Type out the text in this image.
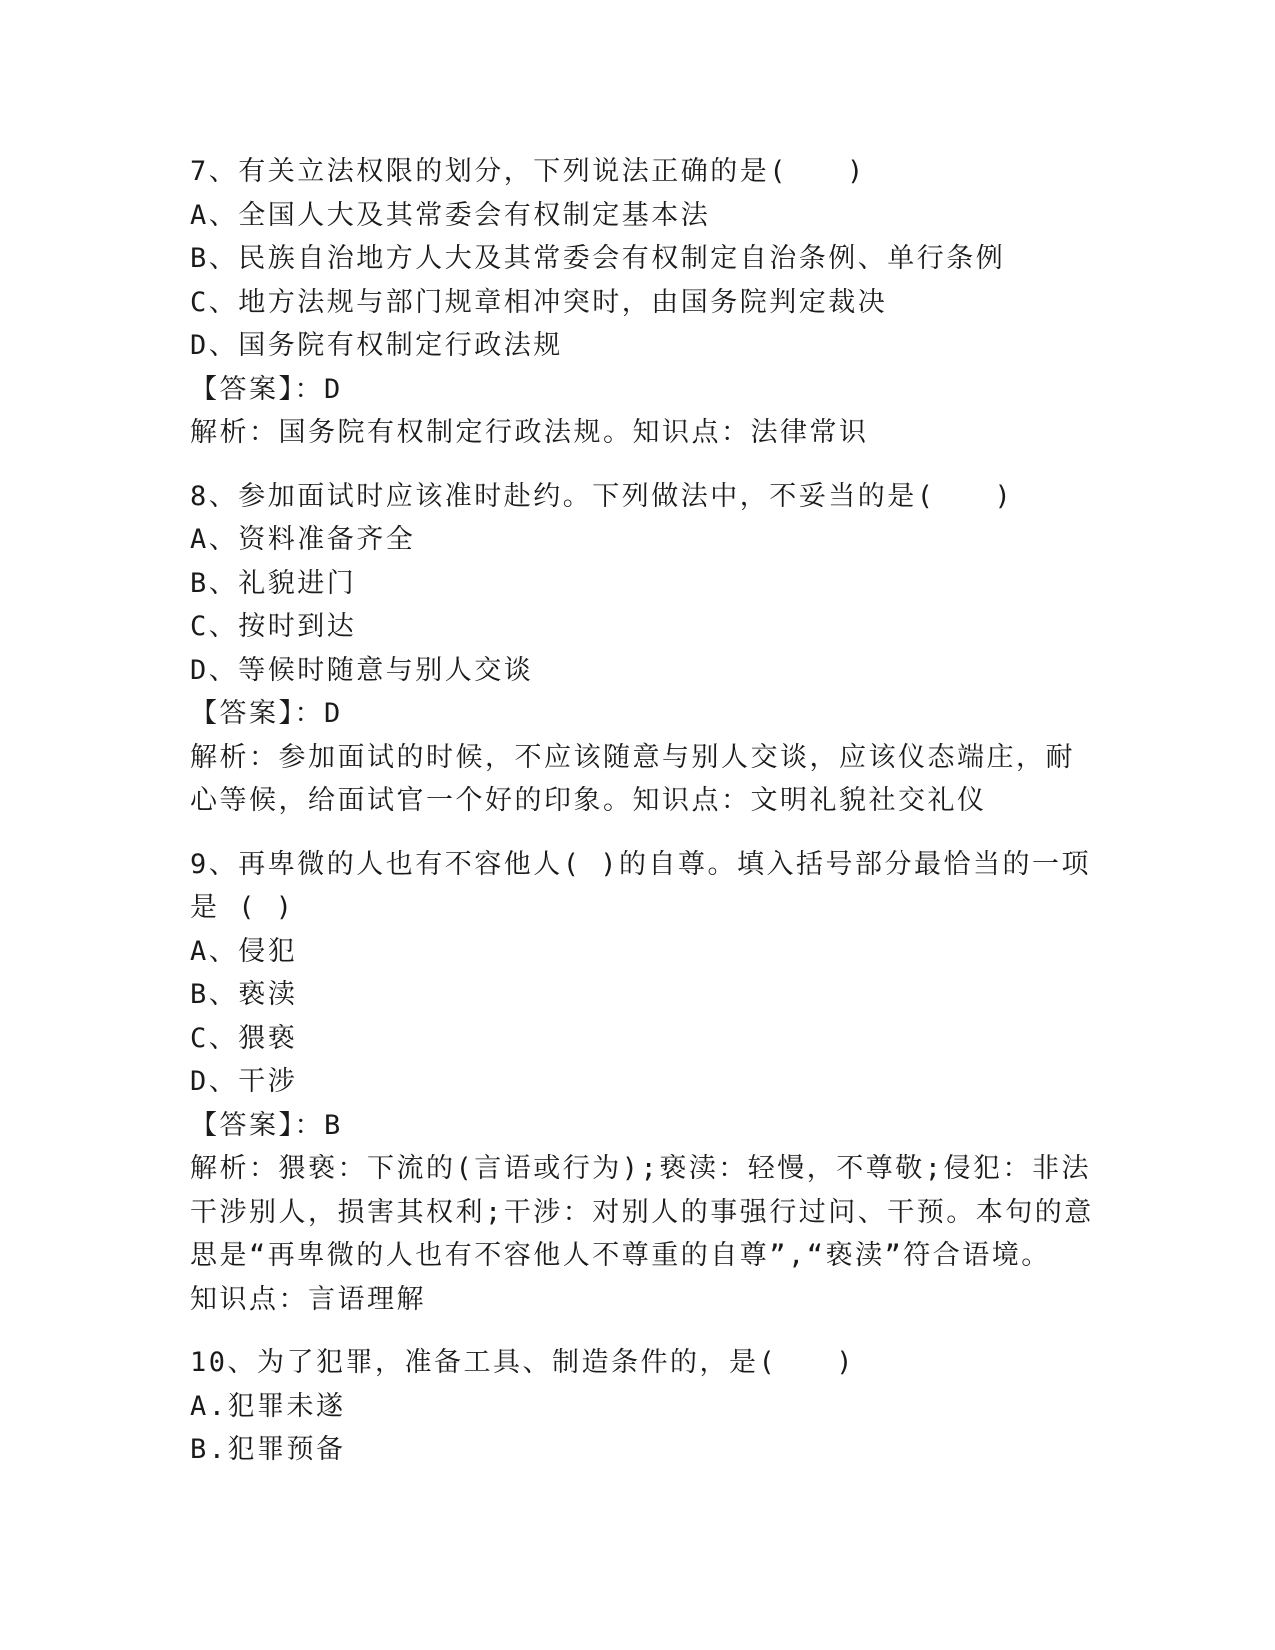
7、有关立法权限的划分，下列说法正确的是(　　)
A、全国人大及其常委会有权制定基本法
B、民族自治地方人大及其常委会有权制定自治条例、单行条例
C、地方法规与部门规章相冲突时，由国务院判定裁决
D、国务院有权制定行政法规
【答案】：D
解析：国务院有权制定行政法规。知识点：法律常识
8、参加面试时应该准时赴约。下列做法中，不妥当的是(　　)
A、资料准备齐全
B、礼貌进门
C、按时到达
D、等候时随意与别人交谈
【答案】：D
解析：参加面试的时候，不应该随意与别人交谈，应该仪态端庄，耐
心等候，给面试官一个好的印象。知识点：文明礼貌社交礼仪
9、再卑微的人也有不容他人( )的自尊。填入括号部分最恰当的一项
是 ( )
A、侵犯
B、亵渎
C、猥亵
D、干涉
【答案】：B
解析：猥亵：下流的(言语或行为);亵渎：轻慢，不尊敬;侵犯：非法
干涉别人，损害其权利;干涉：对别人的事强行过问、干预。本句的意
思是“再卑微的人也有不容他人不尊重的自尊”,“亵渎”符合语境。
知识点：言语理解
10、为了犯罪，准备工具、制造条件的，是(　　)
A.犯罪未遂
B.犯罪预备
